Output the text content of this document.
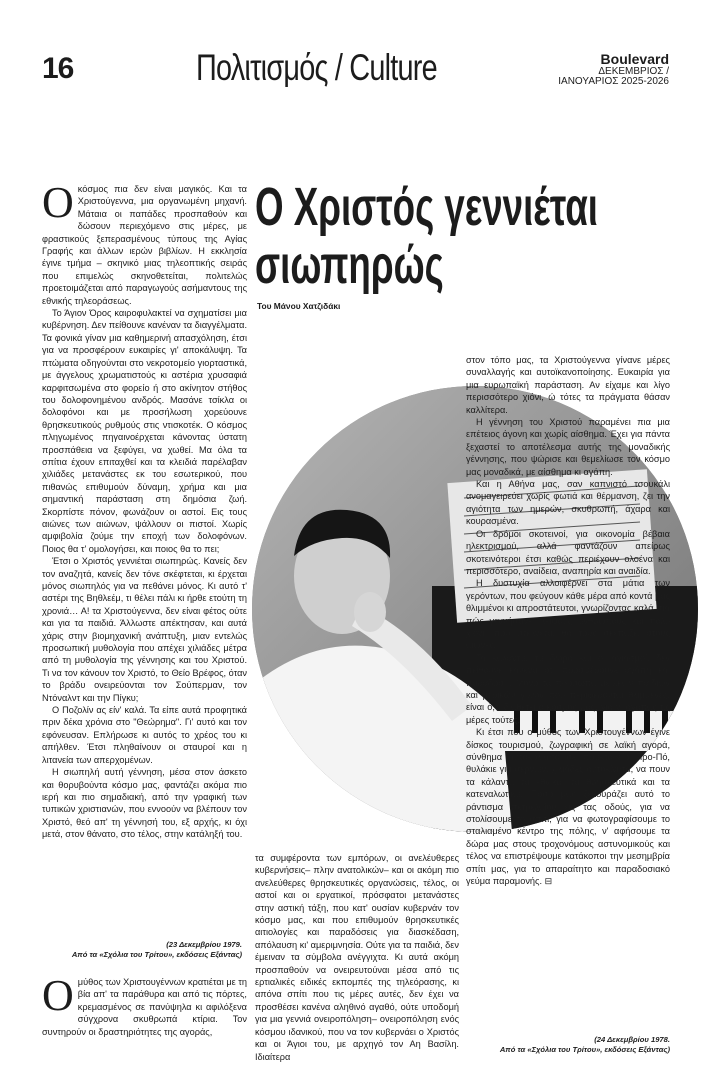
16	Πολιτισμός / Culture	Boulevard
ΔΕΚΕΜΒΡΙΟΣ /
ΙΑΝΟΥΑΡΙΟΣ 2025-2026
Ο Χριστός γεννιέται
σιωπηρώς
Του Μάνου Χατζιδάκι

Οκόσμος πια δεν είναι μαγικός. Και τα Χριστούγεννα, μια οργανωμένη μηχανή. Μάταια οι παπάδες προσπαθούν και δώσουν περιεχόμενο στις μέρες, με φραστικούς ξεπερασμένους τύπους της Αγίας Γραφής και άλλων ιερών βιβλίων. Η εκκλησία έγινε τμήμα – σκηνικό μιας τηλεοπτικής σειράς που επιμελώς σκηνοθετείται, πολιτελώς προετοιμάζεται από παραγωγούς ασήμαντους της εθνικής τηλεοράσεως.

Το Άγιον Όρος καιροφυλακτεί να σχηματίσει μια κυβέρνηση. Δεν πείθουνε κανέναν τα διαγγέλματα. Τα φονικά γίναν μια καθημερινή απασχόληση, έτσι για να προσφέρουν ευκαιρίες γι' αποκάλυψη. Τα πτώματα οδηγούνται στο νεκροτομείο γιορταστικά, με άγγελους χρωματιστούς κι αστέρια χρυσαφιά καρφιτσωμένα στο φορείο ή στο ακίνητον στήθος του δολοφονημένου ανδρός. Μασάνε τσίκλα οι δολοφόνοι και με προσήλωση χορεύουνε θρησκευτικούς ρυθμούς στις ντισκοτέκ. Ο κόσμος πληγωμένος πηγαινοέρχεται κάνοντας ύστατη προσπάθεια να ξεφύγει, να χωθεί. Μα όλα τα σπίτια έχουν επιταχθεί και τα κλειδιά παρέλαβαν χιλιάδες μετανάστες εκ του εσωτερικού, που πιθανώς επιθυμούν δύναμη, χρήμα και μια σημαντική παράσταση στη δημόσια ζωή. Σκορπίστε πόνον, φωνάζουν οι αστοί. Εις τους αιώνες των αιώνων, ψάλλουν οι πιστοί. Χωρίς αμφιβολία ζούμε την εποχή των δολοφόνων. Ποιος θα τ' ομολογήσει, και ποιος θα το πει;

Έτσι ο Χριστός γεννιέται σιωπηρώς. Κανείς δεν τον αναζητά, κανείς δεν τόνε σκέφτεται, κι έρχεται μόνος σιωπηλός για να πεθάνει μόνος. Κι αυτό τ' αστέρι της Βηθλεέμ, τι θέλει πάλι κι ήρθε ετούτη τη χρονιά… Α! τα Χριστούγεννα, δεν είναι φέτος ούτε και για τα παιδιά. Άλλωστε απέκτησαν, και αυτά χάρις στην βιομηχανική ανάπτυξη, μιαν εντελώς προσωπική μυθολογία που απέχει χιλιάδες μέτρα από τη μυθολογία της γέννησης και του Χριστού. Τι να τον κάνουν τον Χριστό, το Θείο Βρέφος, όταν το βράδυ ονειρεύονται τον Σούπερμαν, τον Ντόναλντ και την Πίγκυ;

Ο Ποζολίν ας είν' καλά. Τα είπε αυτά προφητικά πριν δέκα χρόνια στο "Θεώρημα". Γι' αυτό και τον εφόνευσαν. Επλήρωσε κι αυτός το χρέος του κι απήλθεν. Έτσι πληθαίνουν οι σταυροί και η λιτανεία των απερχομένων.

Η σιωπηλή αυτή γέννηση, μέσα στον άσκετο και θορυβούντα κόσμο μας, φαντάζει ακόμα πιο ιερή και πιο σημαδιακή, από την γραφική των τυπικών χριστιανών, που εννοούν να βλέπουν τον Χριστό, θεό απ' τη γέννησή του, εξ αρχής, κι όχι μετά, στον θάνατο, στο τέλος, στην κατάληξή του.

(23 Δεκεμβρίου 1979.
Από τα «Σχόλια του Τρίτου», εκδόσεις Εξάντας)

Ομύθος των Χριστουγέννων κρατιέται με τη βία απ' τα παράθυρα και από τις πόρτες, κρεμασμένος σε πανύψηλα κι αφιλόξενα σύγχρονα σκυθρωπά κτίρια. Τον συντηρούν οι δραστηριότητες της αγοράς,

τα συμφέροντα των εμπόρων, οι ανελέυθερες κυβερνήσεις– πλην ανατολικών– και οι ακόμη πιο ανελεύθερες θρησκευτικές οργανώσεις, τέλος, οι αστοί και οι εργατικοί, πρόσφατοι μετανάστες στην αστική τάξη, που κατ' ουσίαν κυβερνάν τον κόσμο μας, και που επιθυμούν θρησκευτικές αιτιολογίες και παραδόσεις για διασκέδαση, απόλαυση κι' αμεριμνησία. Ούτε για τα παιδιά, δεν έμειναν τα σύμβολα ανέγγιχτα. Κι αυτά ακόμη προσπαθούν να ονειρευτούναι μέσα από τις ερτιαλικές ειδικές εκπομπές της τηλεόρασης, κι απόνα σπίτι που τις μέρες αυτές, δεν έχει να προσθέσει κανένα αληθινό αγαθό, ούτε υποδομή για μια γεννιά ονειροπόληση– ονειροπόληση ενός κόσμου ιδανικού, που να τον κυβερνάει ο Χριστός και οι Άγιοι του, με αρχηγό τον Αη Βασίλη. Ιδιαίτερα

στον τόπο μας, τα Χριστούγεννα γίνανε μέρες συναλλαγής και αυτοϊκανοποίησης. Ευκαιρία για μια ευρωπαϊκή παράσταση. Αν είχαμε και λίγο περισσότερο χιόνι, ώ τότες τα πράγματα θάσαν καλλίτερα.

Η γέννηση του Χριστού παραμένει πια μια επέτειος άγονη και χωρίς αίσθημα. Έχει για πάντα ξεχαστεί το αποτέλεσμα αυτής της μοναδικής γέννησης, που ψώρισε και θεμελίωσε τον κόσμο μας μοναδικά, με αίσθημα κι αγάπη.

Και η Αθήνα μας, σαν καπνιστό τσουκάλι ανομαγειρεύει χωρίς φωτιά και θέρμανση, ζει την αγιότητα των ημερών, σκυθρωπή, άχαρα και κουρασμένα.

Οι δρόμοι σκοτεινοί, για οικονομία βέβαια ηλεκτρισμού, αλλά φαντάζουν απείρως σκοτεινότεροι έτσι καθώς περιέχουν ολοένα και περισσότερο, αναίδεια, αναπηρία και αναιδία.

Η δυστυχία αλλοιφέρνει στα μάτια των γερόντων, που φεύγουν κάθε μέρα από κοντά μας θλιμμένοι κι απροστάτευτοι, γνωρίζοντας καλά πια πώς γεννήσανε, λειψούς ανθρώπους και πολύ χιόνι, που στέλνεται θα τους σκεπάζει στους αιώνες.

Τα κάλαντα, τα δώρα και οι αγιασμοί, δεν πείθουνε κανένα ότι προσφέρουνε αγάπη και παράδοση. Μόνο τα πρόσωπα μερικών παιδιών και μερικών γριών που περιφέρονται θλιμμένες, είναι ό,τι διαθέτει ο κόσμος μας, για ν' αγαπάς τις μέρες τούτες.

Κι έτσι που ο μύθος των Χριστουγέννων έγινε δίσκος τουρισμού, ζωγραφική σε λαϊκή αγορά, σύνθημα αυτοκόλλητο σε πρακτορείο Προ-Πό, θυλάκιε για σερνιάνι χιλιάδες αυτοκίνητα, να πουν τα κάλαντα τα εθνικά, τα θρησκευτικά και τα κατεναλωτικά. Πόσο μας ξεκουράζει αυτό το ράντισμα πετρελαίου εις τας οδούς, για να στολίσουμε το σπίτι, για να φωτογραφίσουμε το σταλιαμένο κέντρο της πόλης, ν' αφήσουμε τα δώρα μας στους τροχονόμους αστυνομικούς και τέλος να επιστρέψουμε κατάκοποι την μεσημβρία σπίτι μας, για το απαραίτητο και παραδοσιακό γεύμα παραμονής. ⊟

(24 Δεκεμβρίου 1978.
Από τα «Σχόλια του Τρίτου», εκδόσεις Εξάντας)
